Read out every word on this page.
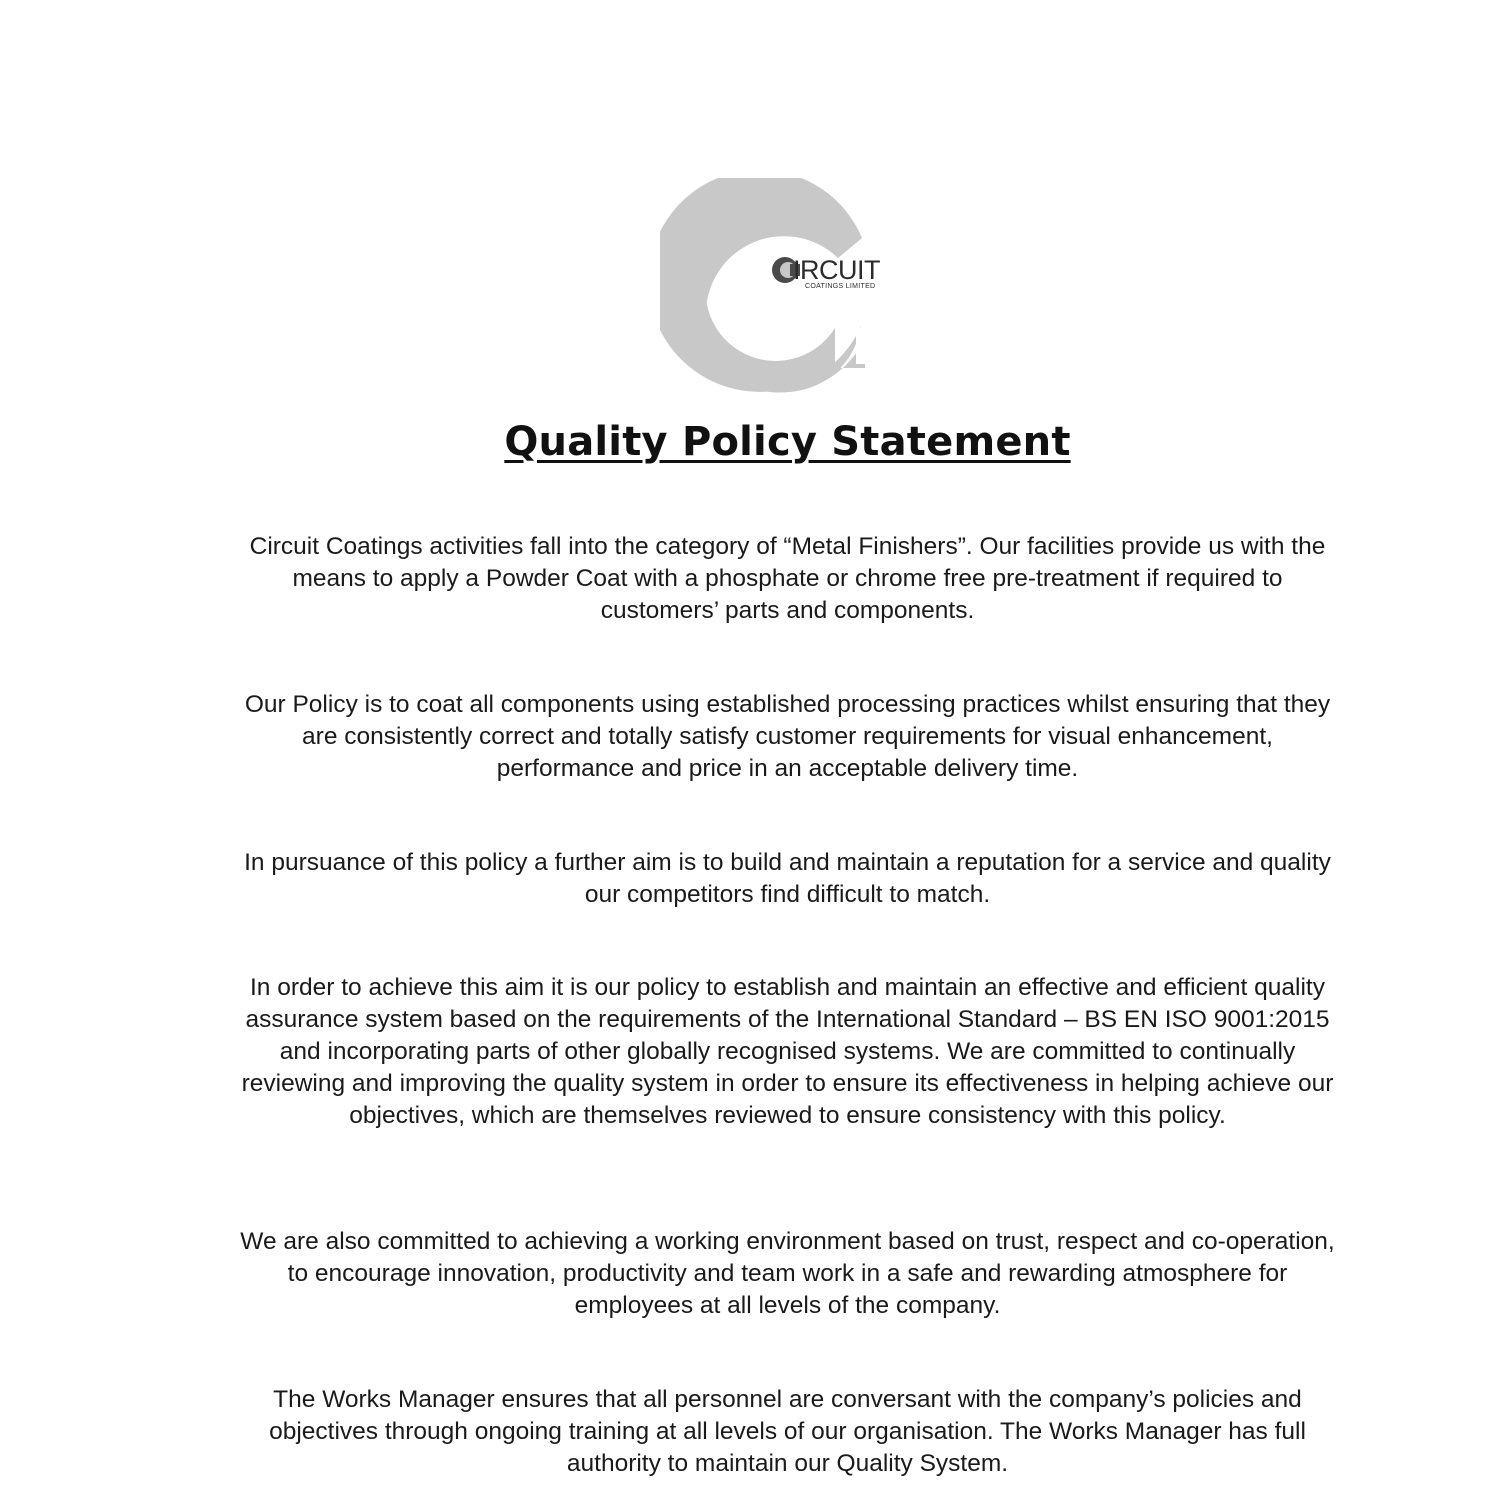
IRCUIT
COATINGS LIMITED
Quality Policy Statement

Circuit Coatings activities fall into the category of “Metal Finishers”. Our facilities provide us with the means to apply a Powder Coat with a phosphate or chrome free pre-treatment if required to customers’ parts and components.

Our Policy is to coat all components using established processing practices whilst ensuring that they are consistently correct and totally satisfy customer requirements for visual enhancement, performance and price in an acceptable delivery time.

In pursuance of this policy a further aim is to build and maintain a reputation for a service and quality our competitors find difficult to match.

In order to achieve this aim it is our policy to establish and maintain an effective and efficient quality assurance system based on the requirements of the International Standard – BS EN ISO 9001:2015 and incorporating parts of other globally recognised systems. We are committed to continually reviewing and improving the quality system in order to ensure its effectiveness in helping achieve our objectives, which are themselves reviewed to ensure consistency with this policy.

We are also committed to achieving a working environment based on trust, respect and co-operation, to encourage innovation, productivity and team work in a safe and rewarding atmosphere for employees at all levels of the company.

The Works Manager ensures that all personnel are conversant with the company’s policies and objectives through ongoing training at all levels of our organisation. The Works Manager has full authority to maintain our Quality System.
